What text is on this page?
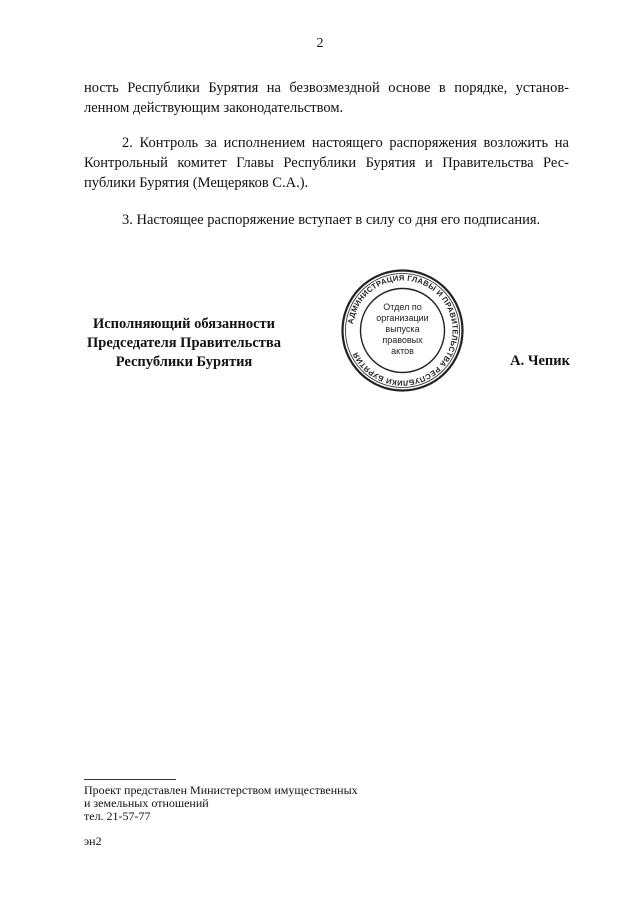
2
ность Республики Бурятия на безвозмездной основе в порядке, установ-
ленном действующим законодательством.
2. Контроль за исполнением настоящего распоряжения возложить на
Контрольный комитет Главы Республики Бурятия и Правительства Рес-
публики Бурятия (Мещеряков С.А.).
3. Настоящее распоряжение вступает в силу со дня его подписания.
Исполняющий обязанности
Председателя Правительства
Республики Бурятия
АДМИНИСТРАЦИЯ ГЛАВЫ И ПРАВИТЕЛЬСТВА РЕСПУБЛИКИ БУРЯТИЯ
Отдел по
организации
выпуска
правовых
актов
А. Чепик
Проект представлен Министерством имущественных
и земельных отношений
тел. 21-57-77
эн2
